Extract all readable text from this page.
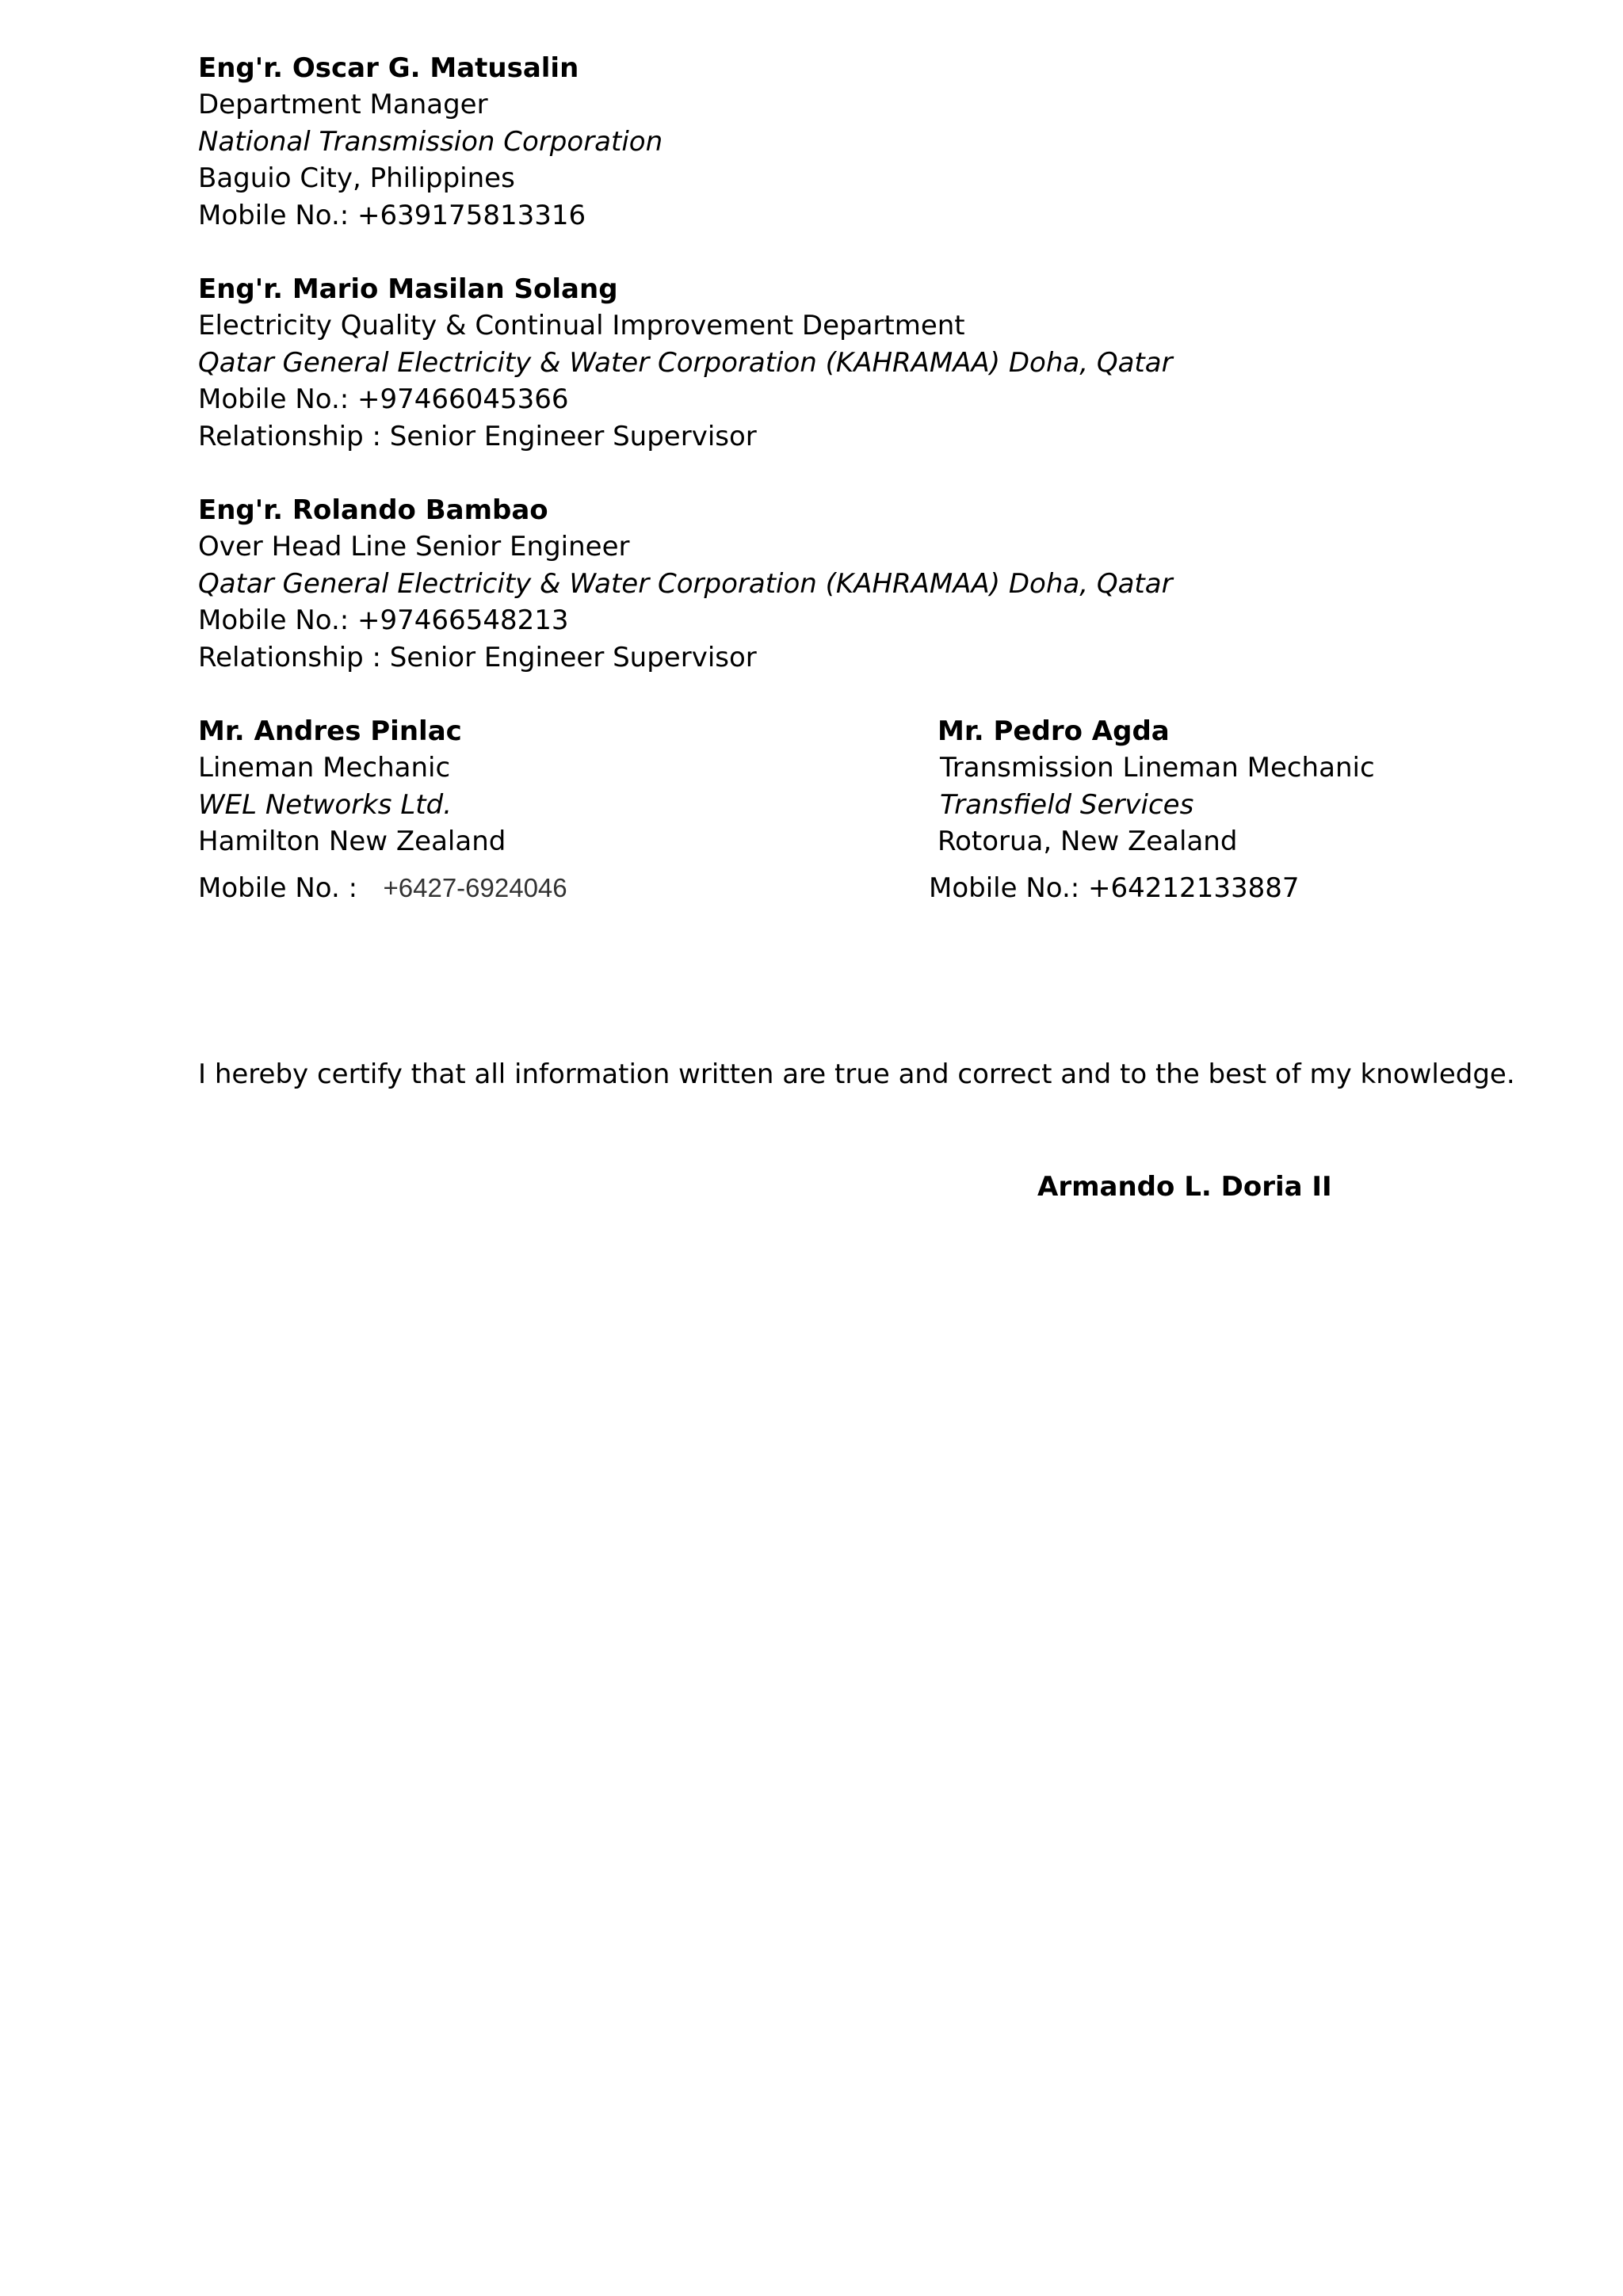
Eng'r. Oscar G. Matusalin

Department Manager

National Transmission Corporation

Baguio City, Philippines

Mobile No.: +639175813316

Eng'r. Mario Masilan Solang

Electricity Quality & Continual Improvement Department

Qatar General Electricity & Water Corporation (KAHRAMAA) Doha, Qatar

Mobile No.: +97466045366

Relationship : Senior Engineer Supervisor

Eng'r. Rolando Bambao

Over Head Line Senior Engineer

Qatar General Electricity & Water Corporation (KAHRAMAA) Doha, Qatar

Mobile No.: +97466548213

Relationship : Senior Engineer Supervisor

Mr. Andres Pinlac

Lineman Mechanic

WEL Networks Ltd.

Hamilton New Zealand

Mobile No. : +6427-6924046

Mr. Pedro Agda

Transmission Lineman Mechanic

Transfield Services

Rotorua, New Zealand

Mobile No.: +64212133887

I hereby certify that all information written are true and correct and to the best of my knowledge.

Armando L. Doria II
